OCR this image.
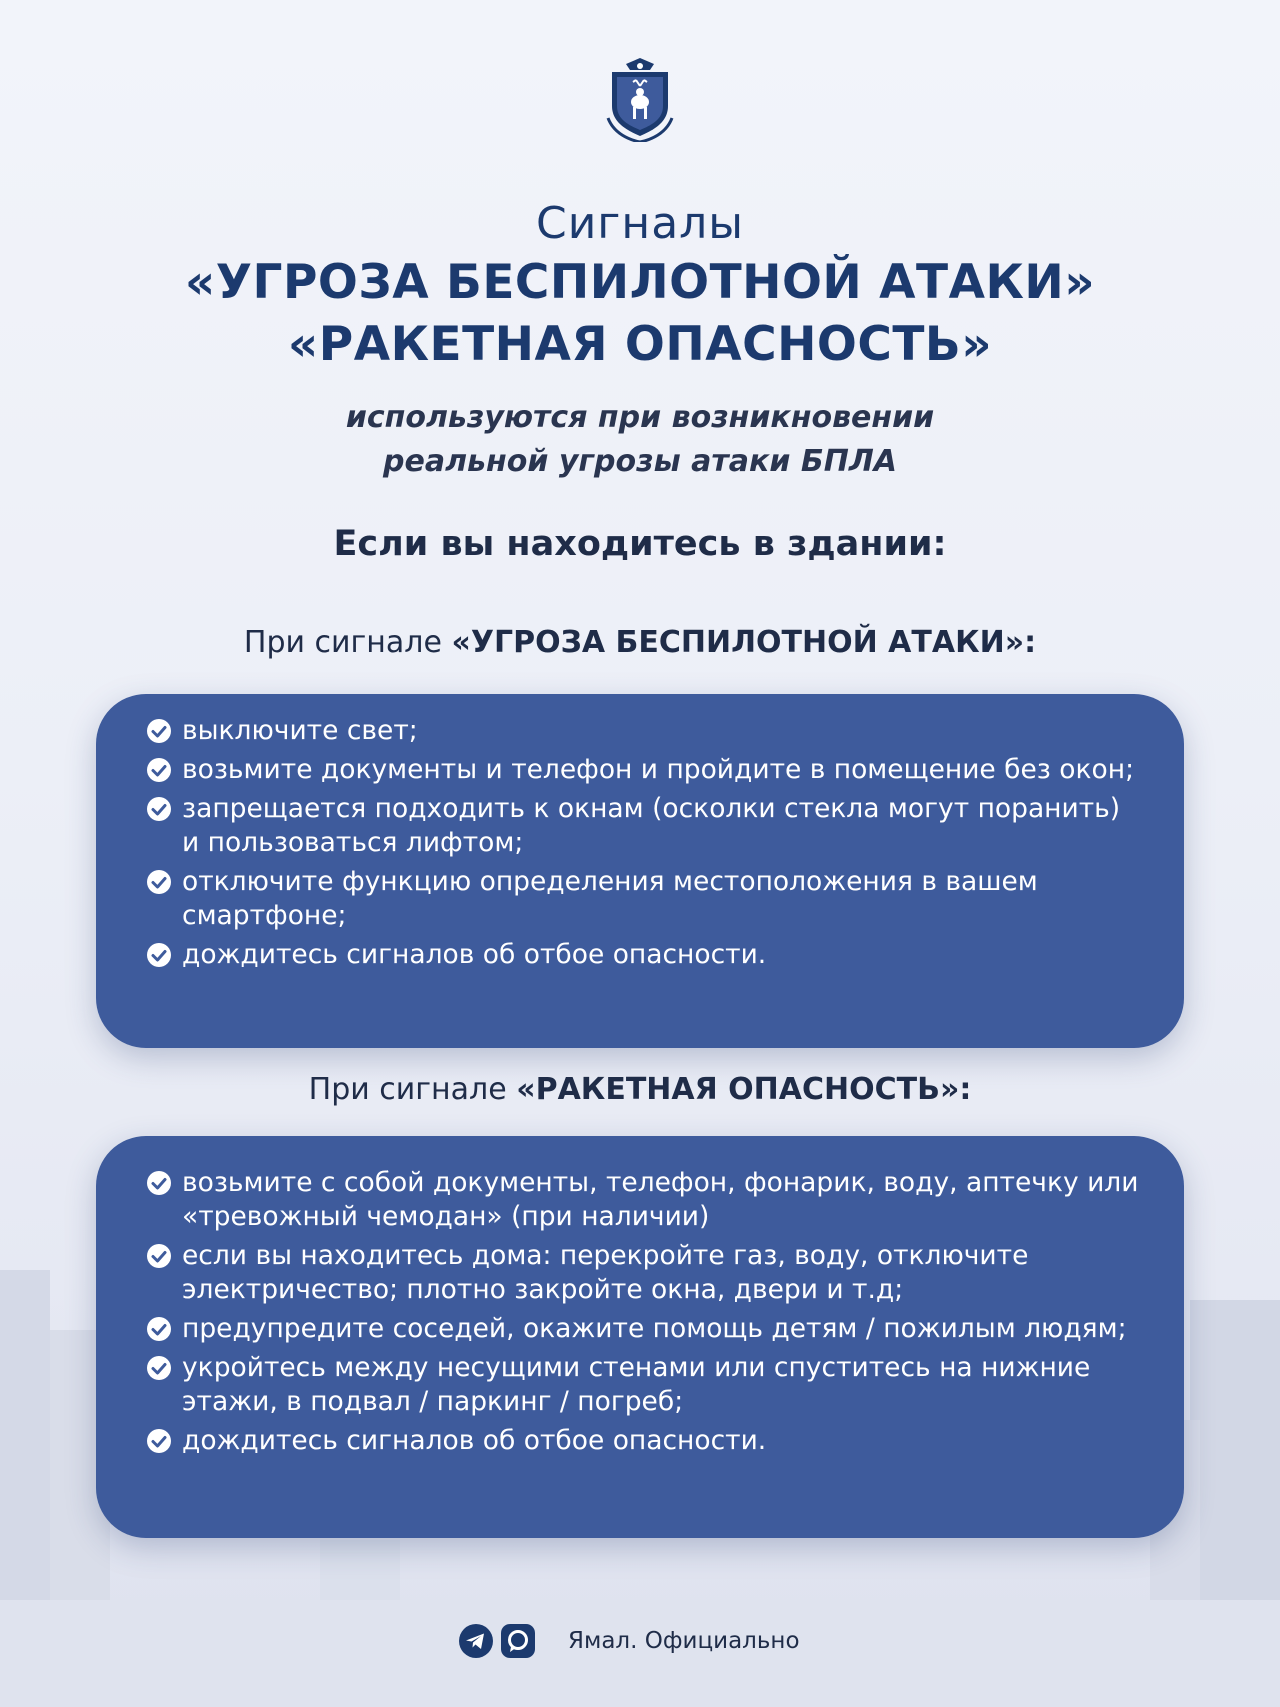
Сигналы
«УГРОЗА БЕСПИЛОТНОЙ АТАКИ»
«РАКЕТНАЯ ОПАСНОСТЬ»
используются при возникновении
реальной угрозы атаки БПЛА
Если вы находитесь в здании:
При сигнале «УГРОЗА БЕСПИЛОТНОЙ АТАКИ»:
выключите свет;
возьмите документы и телефон и пройдите в помещение без окон;
запрещается подходить к окнам (осколки стекла могут поранить) и пользоваться лифтом;
отключите функцию определения местоположения в вашем смартфоне;
дождитесь сигналов об отбое опасности.
При сигнале «РАКЕТНАЯ ОПАСНОСТЬ»:
возьмите с собой документы, телефон, фонарик, воду, аптечку или «тревожный чемодан» (при наличии)
если вы находитесь дома: перекройте газ, воду, отключите электричество; плотно закройте окна, двери и т.д;
предупредите соседей, окажите помощь детям / пожилым людям;
укройтесь между несущими стенами или спуститесь на нижние этажи, в подвал / паркинг / погреб;
дождитесь сигналов об отбое опасности.
Ямал. Официально
